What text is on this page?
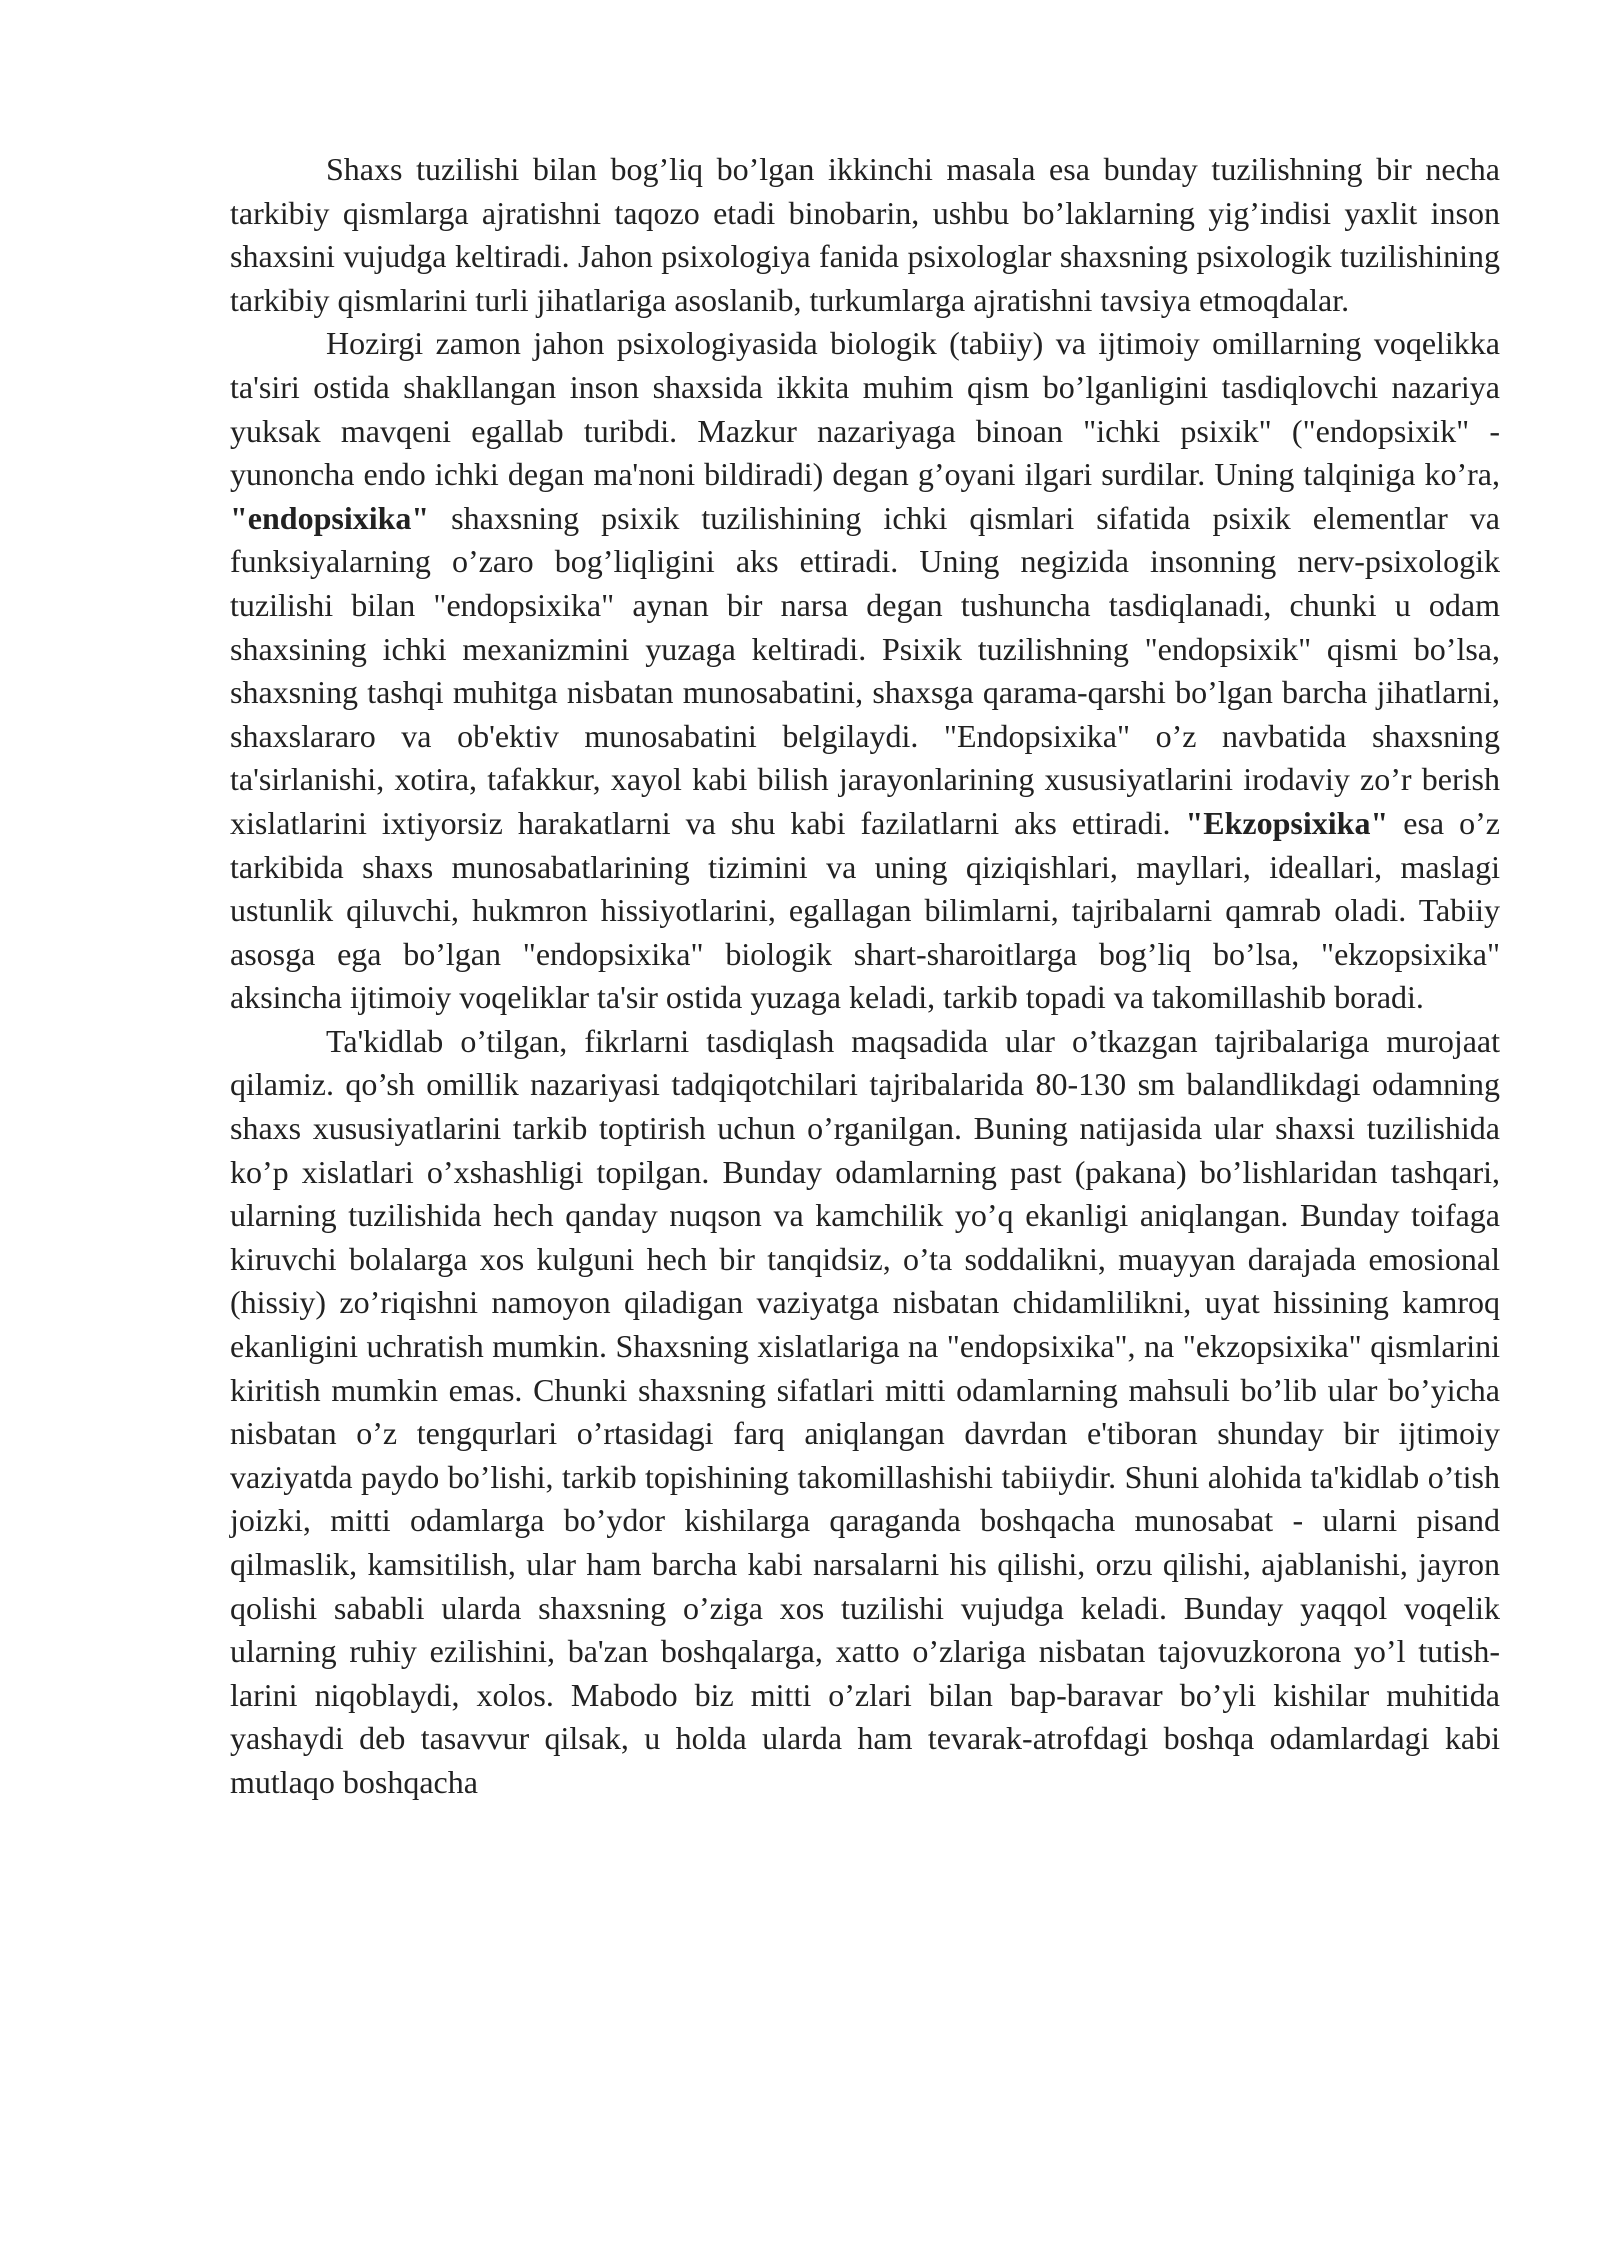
Shaxs tuzilishi bilan bog’liq bo’lgan ikkinchi masala esa bunday tuzilishning bir necha tarkibiy qismlarga ajratishni taqozo etadi binobarin, ushbu bo’laklarning yig’indisi yaxlit inson shaxsini vujudga keltiradi. Jahon psixologiya fanida psixologlar shaxsning psixologik tuzilishining tarkibiy qismlarini turli jihatlariga asoslanib, turkumlarga ajratishni tavsiya etmoqdalar.

Hozirgi zamon jahon psixologiyasida biologik (tabiiy) va ijtimoiy omillarning voqelikka ta'siri ostida shakllangan inson shaxsida ikkita muhim qism bo’lganligini tasdiqlovchi nazariya yuksak mavqeni egallab turibdi. Mazkur nazariyaga binoan "ichki psixik" ("endopsixik" - yunoncha endo ichki degan ma'noni bildiradi) degan g’oyani ilgari surdilar. Uning talqiniga ko’ra, "endopsixika" shaxsning psixik tuzilishining ichki qismlari sifatida psixik elementlar va funksiyalarning o’zaro bog’liqligini aks ettiradi. Uning negizida insonning nerv-psixologik tuzilishi bilan "endopsixika" aynan bir narsa degan tushuncha tasdiqlanadi, chunki u odam shaxsining ichki mexanizmini yuzaga keltiradi. Psixik tuzilishning "endopsixik" qismi bo’lsa, shaxsning tashqi muhitga nisbatan munosabatini, shaxsga qarama-qarshi bo’lgan barcha jihatlarni, shaxslararo va ob'ektiv munosabatini belgilaydi. "Endopsixika" o’z navbatida shaxsning ta'sirlanishi, xotira, tafakkur, xayol kabi bilish jarayonlarining xususiyatlarini irodaviy zo’r berish xislatlarini ixtiyorsiz harakatlarni va shu kabi fazilatlarni aks ettiradi. "Ekzopsixika" esa o’z tarkibida shaxs munosabatlarining tizimini va uning qiziqishlari, mayllari, ideallari, maslagi ustunlik qiluvchi, hukmron hissiyotlarini, egallagan bilimlarni, tajribalarni qamrab oladi. Tabiiy asosga ega bo’lgan "endopsixika" biologik shart-sharoitlarga bog’liq bo’lsa, "ekzopsixika" aksincha ijtimoiy voqeliklar ta'sir ostida yuzaga keladi, tarkib topadi va takomillashib boradi.

Ta'kidlab o’tilgan, fikrlarni tasdiqlash maqsadida ular o’tkazgan tajribalariga murojaat qilamiz. qo’sh omillik nazariyasi tadqiqotchilari tajribalarida 80-130 sm balandlikdagi odamning shaxs xususiyatlarini tarkib toptirish uchun o’rganilgan. Buning natijasida ular shaxsi tuzilishida ko’p xislatlari o’xshashligi topilgan. Bunday odamlarning past (pakana) bo’lishlaridan tashqari, ularning tuzilishida hech qanday nuqson va kamchilik yo’q ekanligi aniqlangan. Bunday toifaga kiruvchi bolalarga xos kulguni hech bir tanqidsiz, o’ta soddalikni, muayyan darajada emosional (hissiy) zo’riqishni namoyon qiladigan vaziyatga nisbatan chidamlilikni, uyat hissining kamroq ekanligini uchratish mumkin. Shaxsning xislatlariga na "endopsixika", na "ekzopsixika" qismlarini kiritish mumkin emas. Chunki shaxsning sifatlari mitti odamlarning mahsuli bo’lib ular bo’yicha nisbatan o’z tengqurlari o’rtasidagi farq aniqlangan davrdan e'tiboran shunday bir ijtimoiy vaziyatda paydo bo’lishi, tarkib topishining takomillashishi tabiiydir. Shuni alohida ta'kidlab o’tish joizki, mitti odamlarga bo’ydor kishilarga qaraganda boshqacha munosabat - ularni pisand qilmaslik, kamsitilish, ular ham barcha kabi narsalarni his qilishi, orzu qilishi, ajablanishi, jayron qolishi sababli ularda shaxsning o’ziga xos tuzilishi vujudga keladi. Bunday yaqqol voqelik ularning ruhiy ezilishini, ba'zan boshqalarga, xatto o’zlariga nisbatan tajovuzkorona yo’l tutish-larini niqoblaydi, xolos. Mabodo biz mitti o’zlari bilan bap-baravar bo’yli kishilar muhitida yashaydi deb tasavvur qilsak, u holda ularda ham tevarak-atrofdagi boshqa odamlardagi kabi mutlaqo boshqacha
